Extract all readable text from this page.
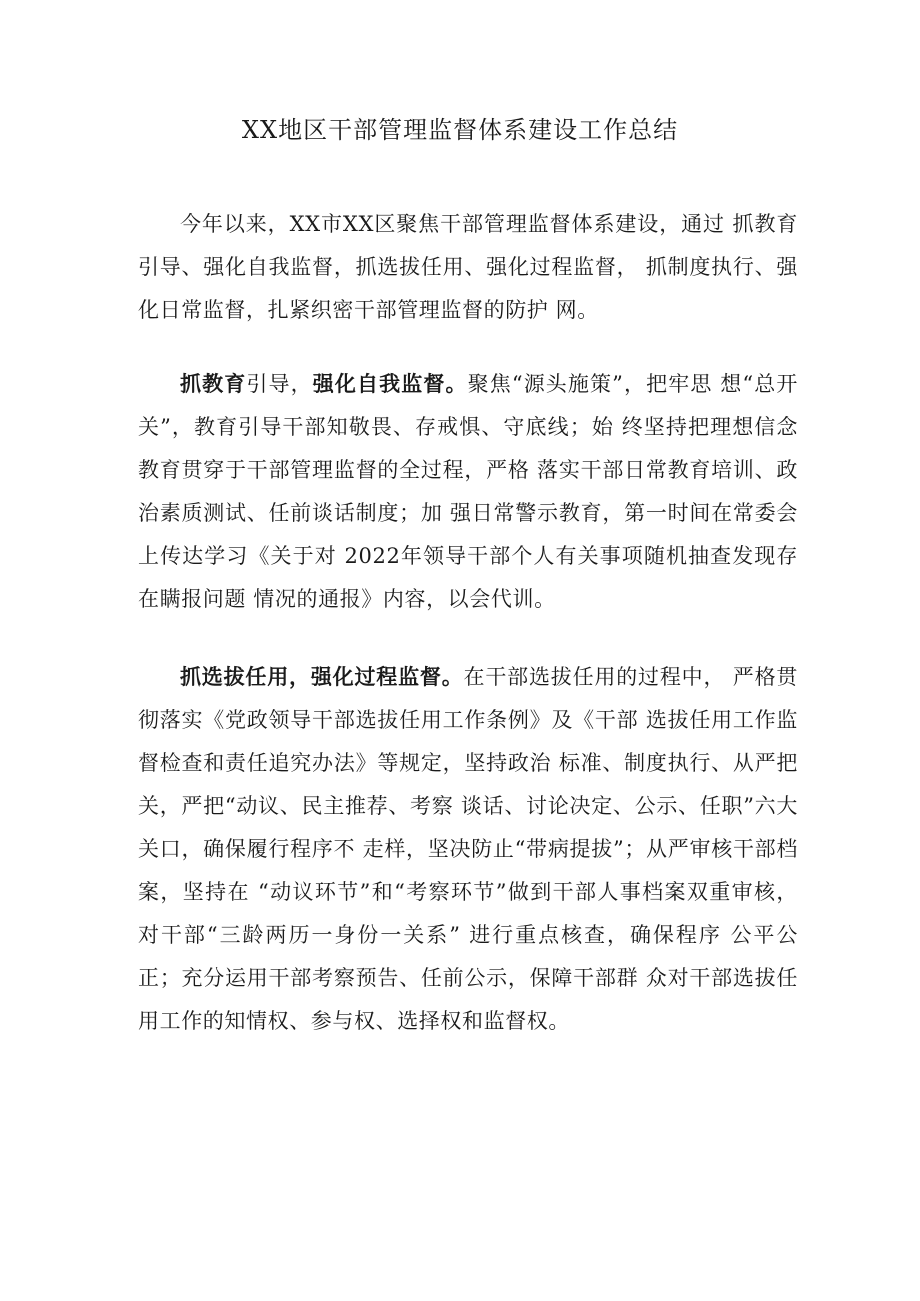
XX地区干部管理监督体系建设工作总结

今年以来，XX市XX区聚焦干部管理监督体系建设，通过 抓教育引导、强化自我监督，抓选拔任用、强化过程监督， 抓制度执行、强化日常监督，扎紧织密干部管理监督的防护 网。

抓教育引导，强化自我监督。聚焦“源头施策”，把牢思 想“总开关”，教育引导干部知敬畏、存戒惧、守底线；始 终坚持把理想信念教育贯穿于干部管理监督的全过程，严格 落实干部日常教育培训、政治素质测试、任前谈话制度；加 强日常警示教育，第一时间在常委会上传达学习《关于对 2022年领导干部个人有关事项随机抽查发现存在瞒报问题 情况的通报》内容，以会代训。

抓选拔任用，强化过程监督。在干部选拔任用的过程中， 严格贯彻落实《党政领导干部选拔任用工作条例》及《干部 选拔任用工作监督检查和责任追究办法》等规定，坚持政治 标准、制度执行、从严把关，严把“动议、民主推荐、考察 谈话、讨论决定、公示、任职”六大关口，确保履行程序不 走样，坚决防止“带病提拔”；从严审核干部档案，坚持在 “动议环节”和“考察环节”做到干部人事档案双重审核， 对干部“三龄两历一身份一关系” 进行重点核查，确保程序 公平公正；充分运用干部考察预告、任前公示，保障干部群 众对干部选拔任用工作的知情权、参与权、选择权和监督权。
